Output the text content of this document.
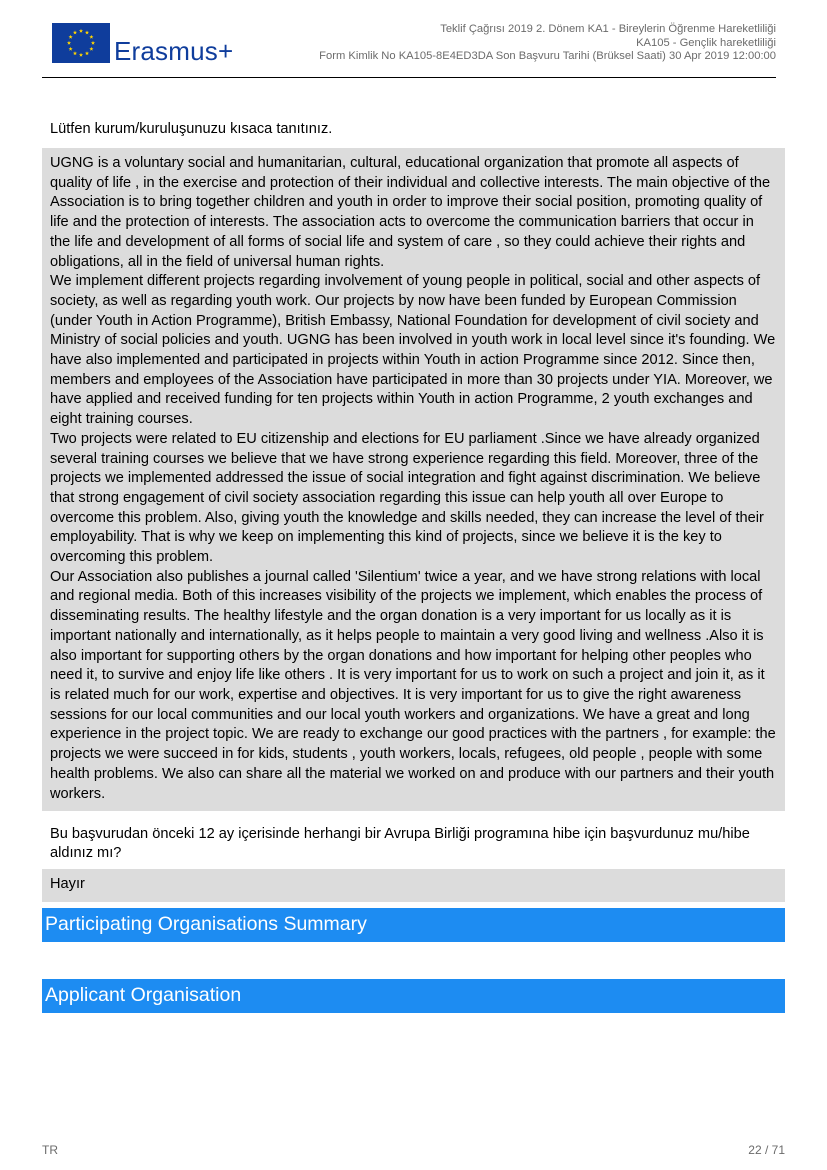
Erasmus+
Teklif Çağrısı 2019 2. Dönem KA1 - Bireylerin Öğrenme Hareketliliği
KA105 - Gençlik hareketliliği
Form Kimlik No KA105-8E4ED3DA Son Başvuru Tarihi (Brüksel Saati) 30 Apr 2019 12:00:00
Lütfen kurum/kuruluşunuzu kısaca tanıtınız.

UGNG is a voluntary social and humanitarian, cultural, educational organization that promote all aspects of quality of life , in the exercise and protection of their individual and collective interests. The main objective of the Association is to bring together children and youth in order to improve their social position, promoting quality of life and the protection of interests. The association acts to overcome the communication barriers that occur in the life and development of all forms of social life and system of care , so they could achieve their rights and obligations, all in the field of universal human rights.

We implement different projects regarding involvement of young people in political, social and other aspects of society, as well as regarding youth work. Our projects by now have been funded by European Commission (under Youth in Action Programme), British Embassy, National Foundation for development of civil society and Ministry of social policies and youth. UGNG has been involved in youth work in local level since it's founding. We have also implemented and participated in projects within Youth in action Programme since 2012. Since then, members and employees of the Association have participated in more than 30 projects under YIA. Moreover, we have applied and received funding for ten projects within Youth in action Programme, 2 youth exchanges and eight training courses.

Two projects were related to EU citizenship and elections for EU parliament .Since we have already organized several training courses we believe that we have strong experience regarding this field. Moreover, three of the projects we implemented addressed the issue of social integration and fight against discrimination. We believe that strong engagement of civil society association regarding this issue can help youth all over Europe to overcome this problem. Also, giving youth the knowledge and skills needed, they can increase the level of their employability. That is why we keep on implementing this kind of projects, since we believe it is the key to overcoming this problem.

Our Association also publishes a journal called 'Silentium' twice a year, and we have strong relations with local and regional media. Both of this increases visibility of the projects we implement, which enables the process of disseminating results. The healthy lifestyle and the organ donation is a very important for us locally as it is important nationally and internationally, as it helps people to maintain a very good living and wellness .Also it is also important for supporting others by the organ donations and how important for helping other peoples who need it, to survive and enjoy life like others . It is very important for us to work on such a project and join it, as it is related much for our work, expertise and objectives. It is very important for us to give the right awareness sessions for our local communities and our local youth workers and organizations. We have a great and long experience in the project topic. We are ready to exchange our good practices with the partners , for example: the projects we were succeed in for kids, students , youth workers, locals, refugees, old people , people with some health problems. We also can share all the material we worked on and produce with our partners and their youth workers.

Bu başvurudan önceki 12 ay içerisinde herhangi bir Avrupa Birliği programına hibe için başvurdunuz mu/hibe aldınız mı?
Hayır
Participating Organisations Summary
Applicant Organisation
TR	22 / 71
